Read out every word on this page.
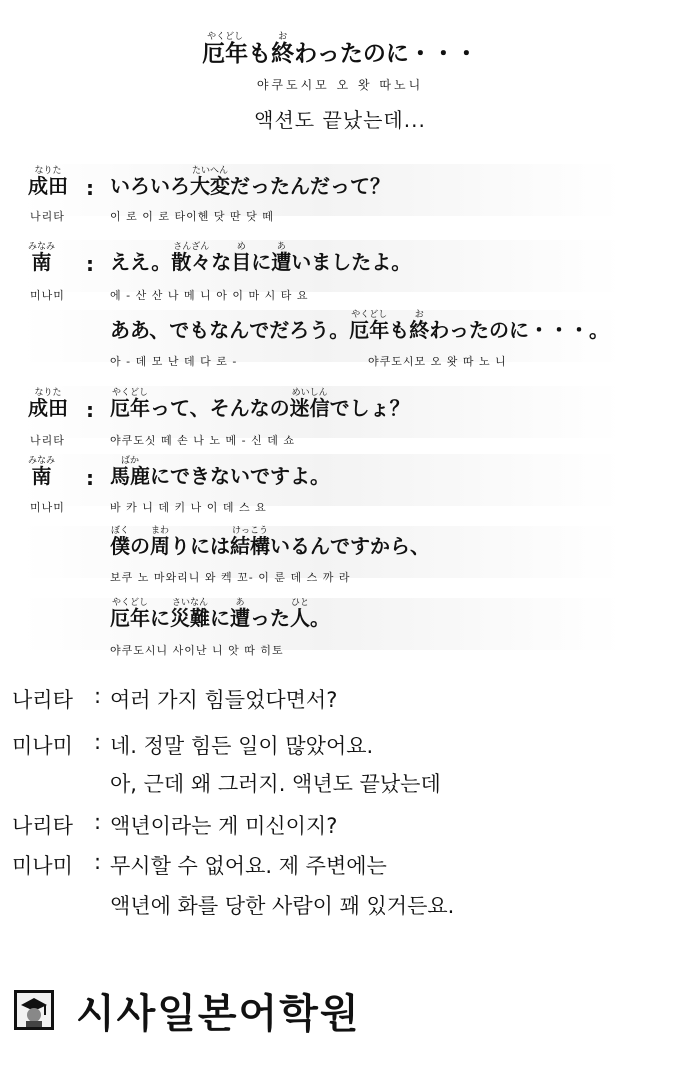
厄年やくどしも終おわったのに・・・
야쿠도시모 오 왓 따노니
액션도 끝났는데...
成田なりた
: いろいろ大変たいへんだったんだって？
나리타	이 로 이 로 타이헨 닷 딴 닷 떼
南みなみ
: ええ。散々さんざんな目めに遭あいましたよ。
미나미	에 - 산 산 나 메 니 아 이 마 시 타 요
ああ、でもなんでだろう。厄年やくどしも終おわったのに・・・。
아 - 데 모 난 데 다 로 -	야쿠도시모 오 왓 따 노 니
成田なりた
: 厄年やくどしって、そんなの迷信めいしんでしょ？
나리타	야쿠도싯 떼 손 나 노 메 - 신 데 쇼
南みなみ
: 馬鹿ばかにできないですよ。
미나미	바 카 니 데 키 나 이 데 스 요
僕ぼくの周まわりには結構けっこういるんですから、
보쿠 노 마와리니 와 켁 꼬- 이 룬 데 스 까 라
厄年やくどしに災難さいなんに遭あった人ひと。
야쿠도시니 사이난 니 앗 따 히토
나리타 : 여러 가지 힘들었다면서?
미나미 : 네. 정말 힘든 일이 많았어요.
아, 근데 왜 그러지. 액년도 끝났는데
나리타 : 액년이라는 게 미신이지?
미나미 : 무시할 수 없어요. 제 주변에는
액년에 화를 당한 사람이 꽤 있거든요.
시사일본어학원
